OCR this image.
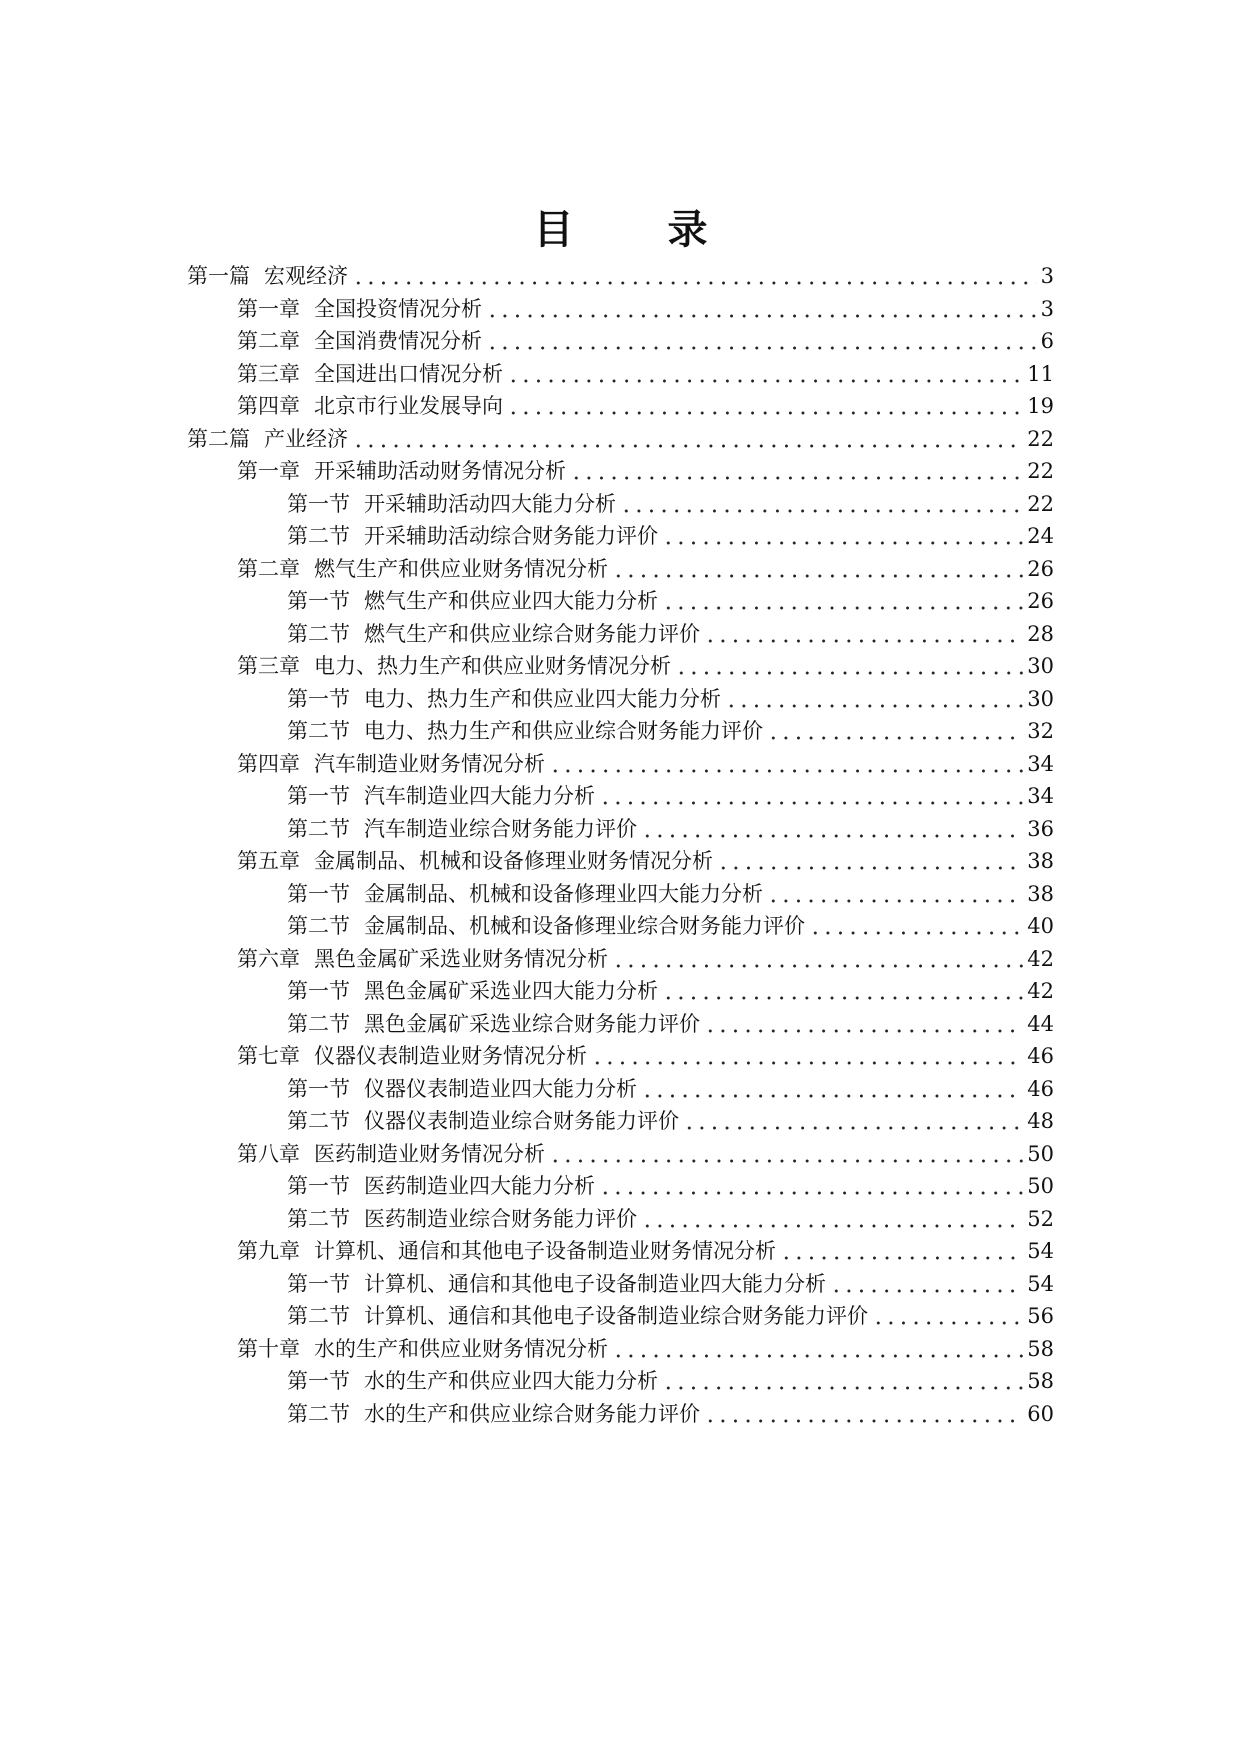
目 录
第一篇 宏观经济	3
第一章 全国投资情况分析	3
第二章 全国消费情况分析	6
第三章 全国进出口情况分析	11
第四章 北京市行业发展导向	19
第二篇 产业经济	22
第一章 开采辅助活动财务情况分析	22
第一节 开采辅助活动四大能力分析	22
第二节 开采辅助活动综合财务能力评价	24
第二章 燃气生产和供应业财务情况分析	26
第一节 燃气生产和供应业四大能力分析	26
第二节 燃气生产和供应业综合财务能力评价	28
第三章 电力、热力生产和供应业财务情况分析	30
第一节 电力、热力生产和供应业四大能力分析	30
第二节 电力、热力生产和供应业综合财务能力评价	32
第四章 汽车制造业财务情况分析	34
第一节 汽车制造业四大能力分析	34
第二节 汽车制造业综合财务能力评价	36
第五章 金属制品、机械和设备修理业财务情况分析	38
第一节 金属制品、机械和设备修理业四大能力分析	38
第二节 金属制品、机械和设备修理业综合财务能力评价	40
第六章 黑色金属矿采选业财务情况分析	42
第一节 黑色金属矿采选业四大能力分析	42
第二节 黑色金属矿采选业综合财务能力评价	44
第七章 仪器仪表制造业财务情况分析	46
第一节 仪器仪表制造业四大能力分析	46
第二节 仪器仪表制造业综合财务能力评价	48
第八章 医药制造业财务情况分析	50
第一节 医药制造业四大能力分析	50
第二节 医药制造业综合财务能力评价	52
第九章 计算机、通信和其他电子设备制造业财务情况分析	54
第一节 计算机、通信和其他电子设备制造业四大能力分析	54
第二节 计算机、通信和其他电子设备制造业综合财务能力评价	56
第十章 水的生产和供应业财务情况分析	58
第一节 水的生产和供应业四大能力分析	58
第二节 水的生产和供应业综合财务能力评价	60
